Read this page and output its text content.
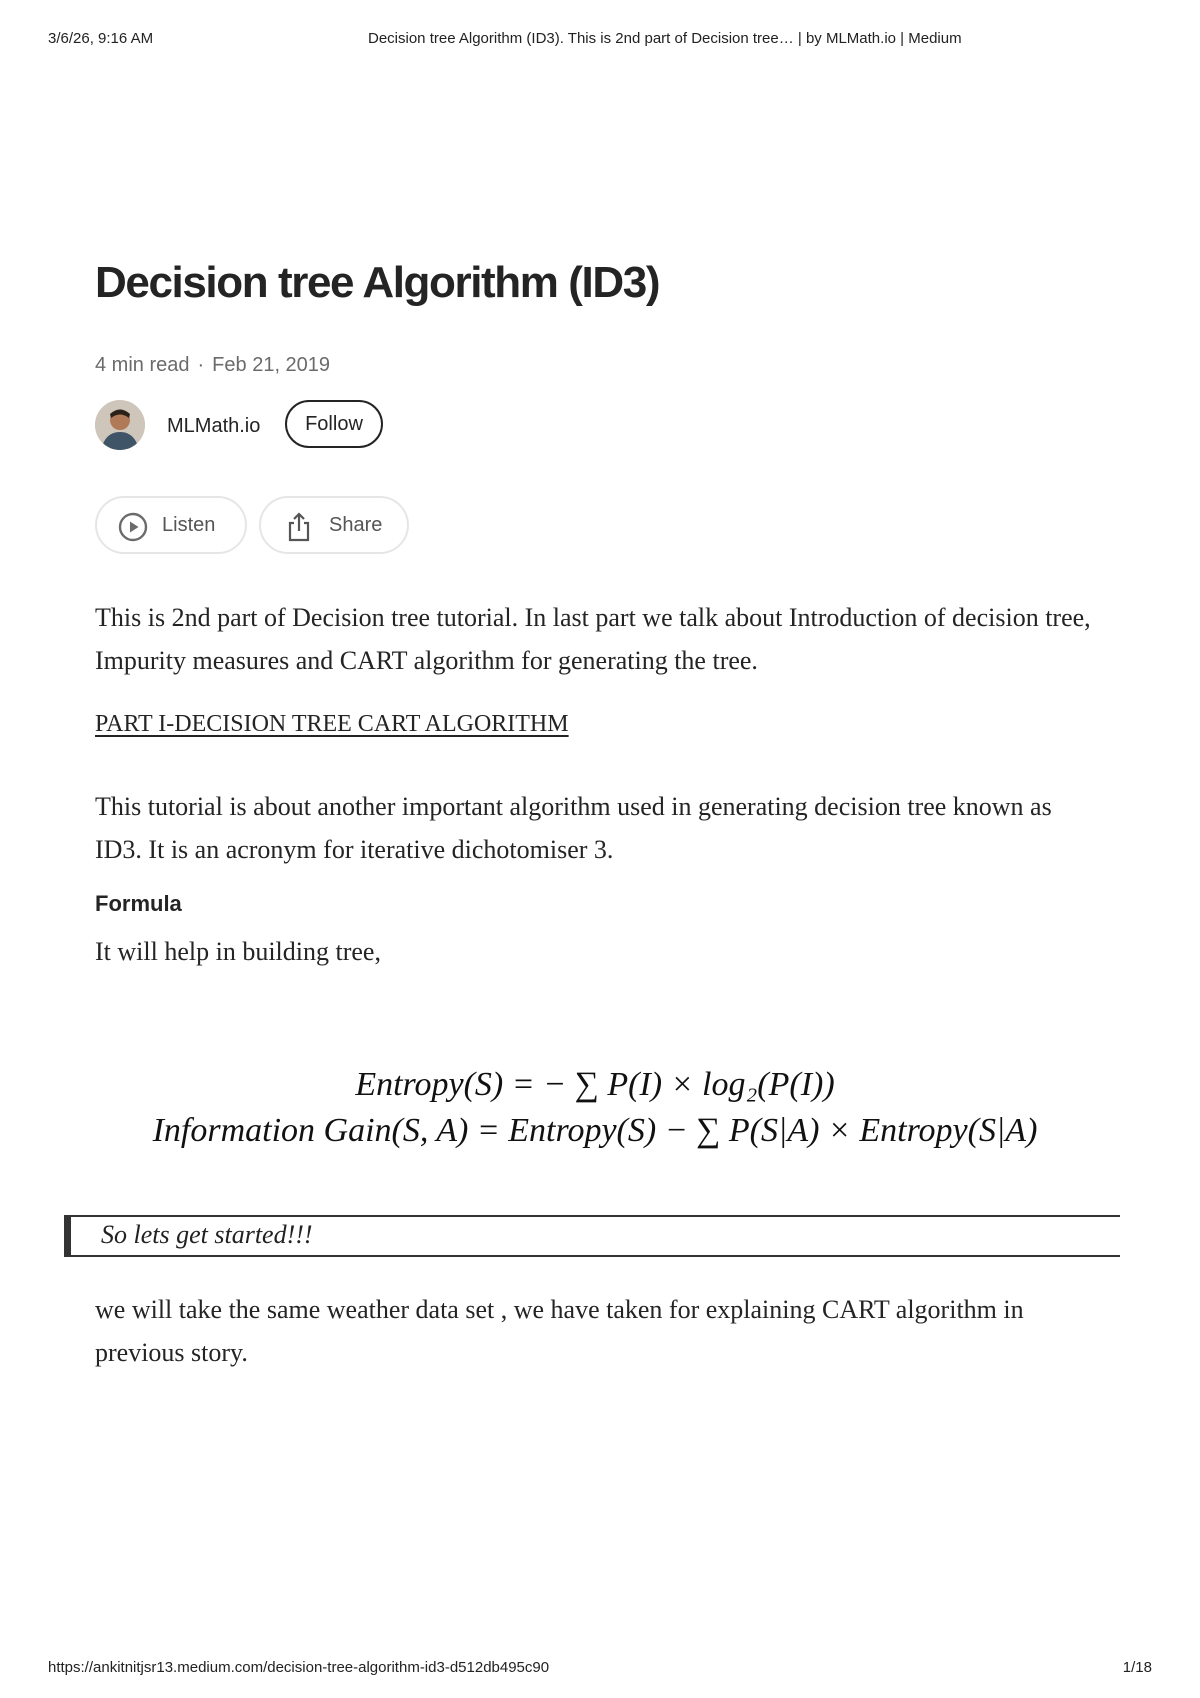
3/6/26, 9:16 AM	Decision tree Algorithm (ID3). This is 2nd part of Decision tree… | by MLMath.io | Medium
Decision tree Algorithm (ID3)
4 min read · Feb 21, 2019
MLMath.io	Follow
Listen	Share

This is 2nd part of Decision tree tutorial. In last part we talk about Introduction of decision tree, Impurity measures and CART algorithm for generating the tree.

PART I-DECISION TREE CART ALGORITHM

This tutorial is about another important algorithm used in generating decision tree known as ID3. It is an acronym for iterative dichotomiser 3.

Formula

It will help in building tree,

Entropy(S) = − ∑ P(I) × log₂(P(I))
Information Gain(S, A) = Entropy(S) − ∑ P(S|A) × Entropy(S|A)
So lets get started!!!

we will take the same weather data set , we have taken for explaining CART algorithm in previous story.

https://ankitnitjsr13.medium.com/decision-tree-algorithm-id3-d512db495c90	1/18
